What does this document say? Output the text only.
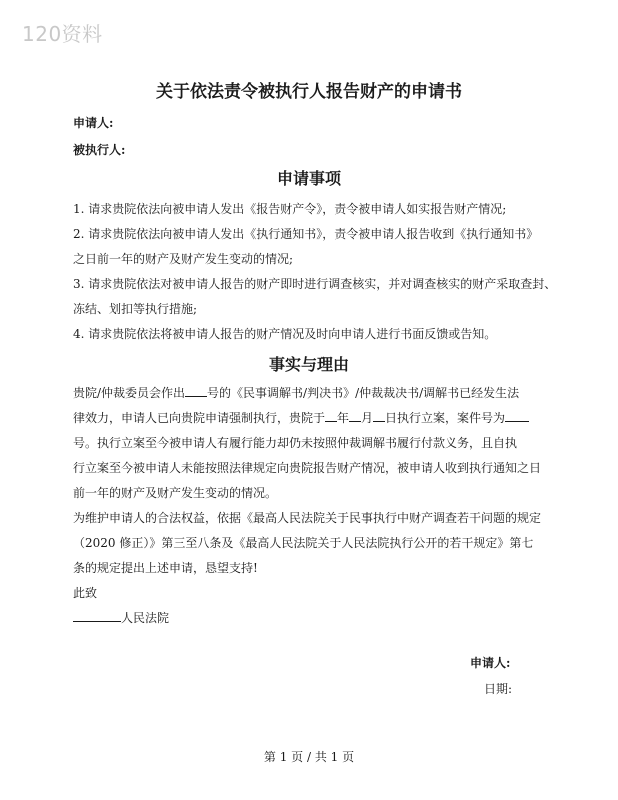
120资料
关于依法责令被执行人报告财产的申请书
申请人:
被执行人:
申请事项
1. 请求贵院依法向被申请人发出《报告财产令》，责令被申请人如实报告财产情况;
2. 请求贵院依法向被申请人发出《执行通知书》，责令被申请人报告收到《执行通知书》
之日前一年的财产及财产发生变动的情况;
3. 请求贵院依法对被申请人报告的财产即时进行调查核实，并对调查核实的财产采取查封、
冻结、划扣等执行措施;
4. 请求贵院依法将被申请人报告的财产情况及时向申请人进行书面反馈或告知。
事实与理由
贵院/仲裁委员会作出 号的《民事调解书/判决书》/仲裁裁决书/调解书已经发生法
律效力，申请人已向贵院申请强制执行，贵院于 年 月 日执行立案，案件号为
号。执行立案至今被申请人有履行能力却仍未按照仲裁调解书履行付款义务，且自执
行立案至今被申请人未能按照法律规定向贵院报告财产情况，被申请人收到执行通知之日
前一年的财产及财产发生变动的情况。
为维护申请人的合法权益，依据《最高人民法院关于民事执行中财产调查若干问题的规定
（2020 修正）》第三至八条及《最高人民法院关于人民法院执行公开的若干规定》第七
条的规定提出上述申请，恳望支持!
此致
人民法院
申请人:
日期:
第 1 页 / 共 1 页
